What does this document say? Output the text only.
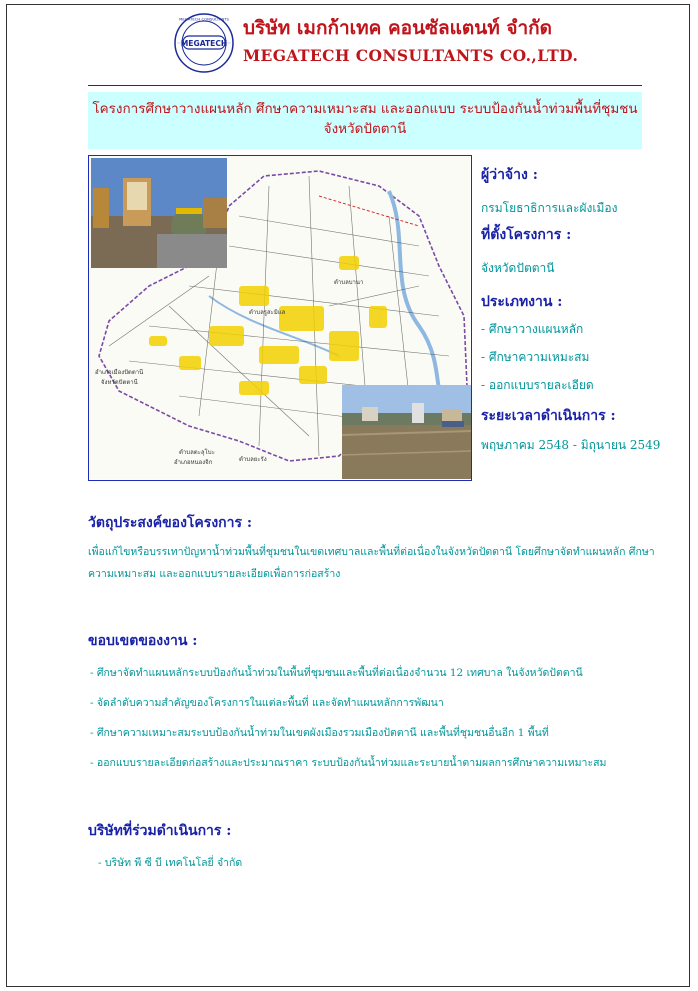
MEGATECH
MEGATECH CONSULTANTS บริษัท เมกก้าเทค คอนซัลแตนท์ จำกัด
MEGATECH CONSULTANTS CO.,LTD.
โครงการศึกษาวางแผนหลัก ศึกษาความเหมาะสม และออกแบบ ระบบป้องกันน้ำท่วมพื้นที่ชุมชน
จังหวัดปัตตานี
ตำบลรูสะมิแล
อำเภอเมืองปัตตานี
จังหวัดปัตตานี
ตำบลตะลุโบะ
ตำบลบานา
ตำบลยะรัง
อำเภอหนองจิก

ผู้ว่าจ้าง :

กรมโยธาธิการและผังเมือง

ที่ตั้งโครงการ :

จังหวัดปัตตานี

ประเภทงาน :

- ศึกษาวางแผนหลัก

- ศึกษาความเหมะสม

- ออกแบบรายละเอียด

ระยะเวลาดำเนินการ :

พฤษภาคม 2548 - มิถุนายน 2549

วัตถุประสงค์ของโครงการ :
เพื่อแก้ไขหรือบรรเทาปัญหาน้ำท่วมพื้นที่ชุมชนในเขตเทศบาลและพื้นที่ต่อเนื่องในจังหวัดปัตตานี โดยศึกษาจัดทำแผนหลัก ศึกษา
ความเหมาะสม และออกแบบรายละเอียดเพื่อการก่อสร้าง
ขอบเขตของงาน :
- ศึกษาจัดทำแผนหลักระบบป้องกันน้ำท่วมในพื้นที่ชุมชนและพื้นที่ต่อเนื่องจำนวน 12 เทศบาล ในจังหวัดปัตตานี
- จัดลำดับความสำคัญของโครงการในแต่ละพื้นที่ และจัดทำแผนหลักการพัฒนา
- ศึกษาความเหมาะสมระบบป้องกันน้ำท่วมในเขตผังเมืองรวมเมืองปัตตานี และพื้นที่ชุมชนอื่นอีก 1 พื้นที่
- ออกแบบรายละเอียดก่อสร้างและประมาณราคา ระบบป้องกันน้ำท่วมและระบายน้ำตามผลการศึกษาความเหมาะสม
บริษัทที่ร่วมดำเนินการ :
- บริษัท พี ซี บี เทคโนโลยี่ จำกัด
